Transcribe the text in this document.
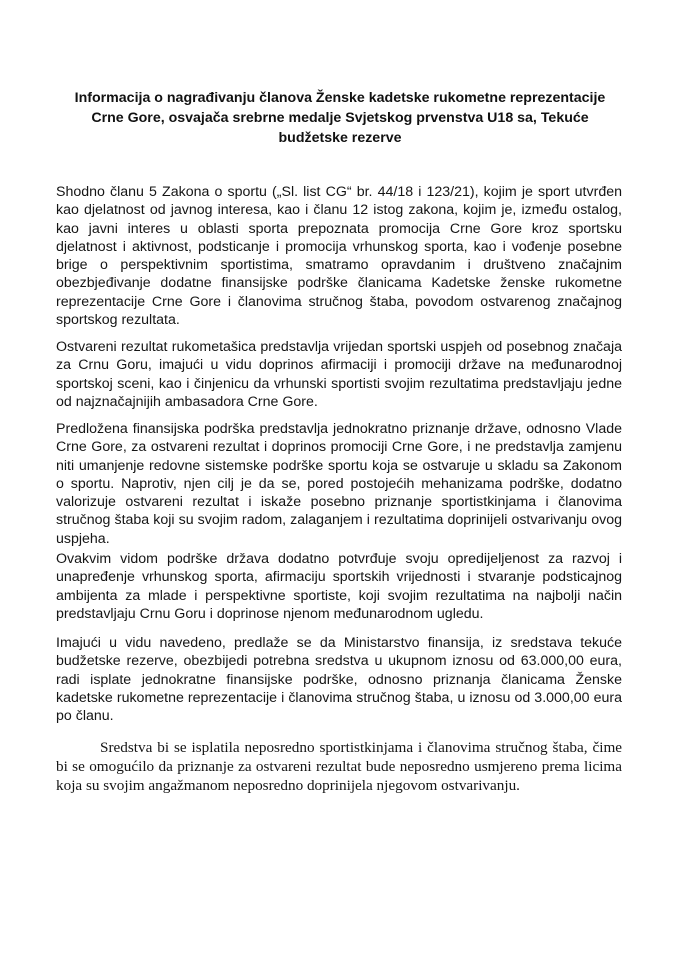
Informacija o nagrađivanju članova Ženske kadetske rukometne reprezentacije Crne Gore, osvajača srebrne medalje Svjetskog prvenstva U18 sa, Tekuće budžetske rezerve

Shodno članu 5 Zakona o sportu („Sl. list CG“ br. 44/18 i 123/21), kojim je sport utvrđen kao djelatnost od javnog interesa, kao i članu 12 istog zakona, kojim je, između ostalog, kao javni interes u oblasti sporta prepoznata promocija Crne Gore kroz sportsku djelatnost i aktivnost, podsticanje i promocija vrhunskog sporta, kao i vođenje posebne brige o perspektivnim sportistima, smatramo opravdanim i društveno značajnim obezbjeđivanje dodatne finansijske podrške članicama Kadetske ženske rukometne reprezentacije Crne Gore i članovima stručnog štaba, povodom ostvarenog značajnog sportskog rezultata.

Ostvareni rezultat rukometašica predstavlja vrijedan sportski uspjeh od posebnog značaja za Crnu Goru, imajući u vidu doprinos afirmaciji i promociji države na međunarodnoj sportskoj sceni, kao i činjenicu da vrhunski sportisti svojim rezultatima predstavljaju jedne od najznačajnijih ambasadora Crne Gore.

Predložena finansijska podrška predstavlja jednokratno priznanje države, odnosno Vlade Crne Gore, za ostvareni rezultat i doprinos promociji Crne Gore, i ne predstavlja zamjenu niti umanjenje redovne sistemske podrške sportu koja se ostvaruje u skladu sa Zakonom o sportu. Naprotiv, njen cilj je da se, pored postojećih mehanizama podrške, dodatno valorizuje ostvareni rezultat i iskaže posebno priznanje sportistkinjama i članovima stručnog štaba koji su svojim radom, zalaganjem i rezultatima doprinijeli ostvarivanju ovog uspjeha.

Ovakvim vidom podrške država dodatno potvrđuje svoju opredijeljenost za razvoj i unapređenje vrhunskog sporta, afirmaciju sportskih vrijednosti i stvaranje podsticajnog ambijenta za mlade i perspektivne sportiste, koji svojim rezultatima na najbolji način predstavljaju Crnu Goru i doprinose njenom međunarodnom ugledu.

Imajući u vidu navedeno, predlaže se da Ministarstvo finansija, iz sredstava tekuće budžetske rezerve, obezbijedi potrebna sredstva u ukupnom iznosu od 63.000,00 eura, radi isplate jednokratne finansijske podrške, odnosno priznanja članicama Ženske kadetske rukometne reprezentacije i članovima stručnog štaba, u iznosu od 3.000,00 eura po članu.

Sredstva bi se isplatila neposredno sportistkinjama i članovima stručnog štaba, čime bi se omogućilo da priznanje za ostvareni rezultat bude neposredno usmjereno prema licima koja su svojim angažmanom neposredno doprinijela njegovom ostvarivanju.
